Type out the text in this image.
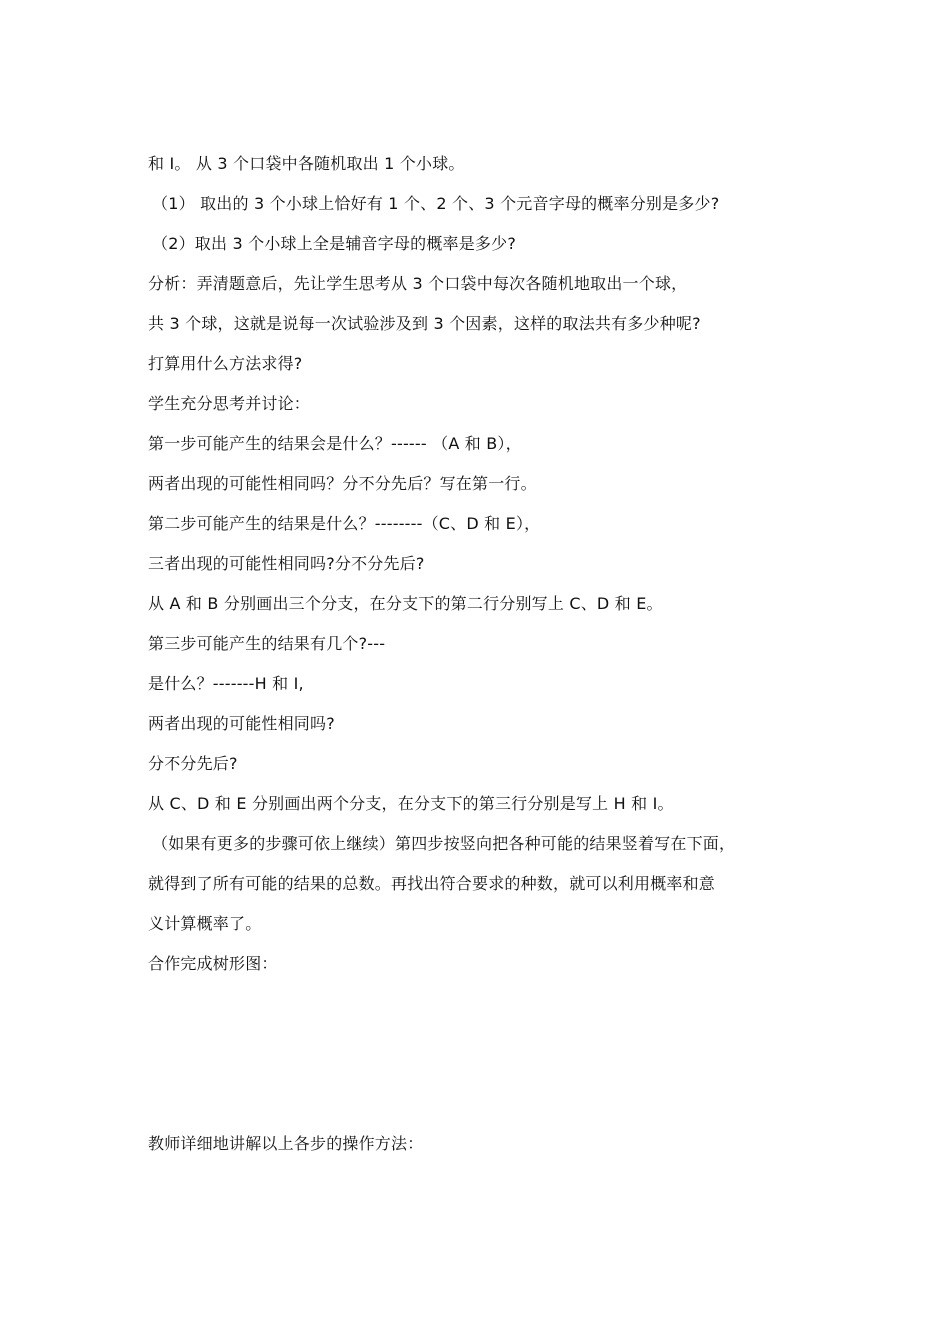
和 I。 从 3 个口袋中各随机取出 1 个小球。
（1） 取出的 3 个小球上恰好有 1 个、2 个、3 个元音字母的概率分别是多少?
（2）取出 3 个小球上全是辅音字母的概率是多少?
分析：弄清题意后，先让学生思考从 3 个口袋中每次各随机地取出一个球，
共 3 个球，这就是说每一次试验涉及到 3 个因素，这样的取法共有多少种呢?
打算用什么方法求得?
学生充分思考并讨论：
第一步可能产生的结果会是什么？------ （A 和 B），
两者出现的可能性相同吗？分不分先后？写在第一行。
第二步可能产生的结果是什么？--------（C、D 和 E），
三者出现的可能性相同吗?分不分先后?
从 A 和 B 分别画出三个分支，在分支下的第二行分别写上 C、D 和 E。
第三步可能产生的结果有几个?---
是什么？-------H 和 I,
两者出现的可能性相同吗?
分不分先后?
从 C、D 和 E 分别画出两个分支，在分支下的第三行分别是写上 H 和 I。
（如果有更多的步骤可依上继续）第四步按竖向把各种可能的结果竖着写在下面，
就得到了所有可能的结果的总数。再找出符合要求的种数，就可以利用概率和意
义计算概率了。
合作完成树形图：
教师详细地讲解以上各步的操作方法：
